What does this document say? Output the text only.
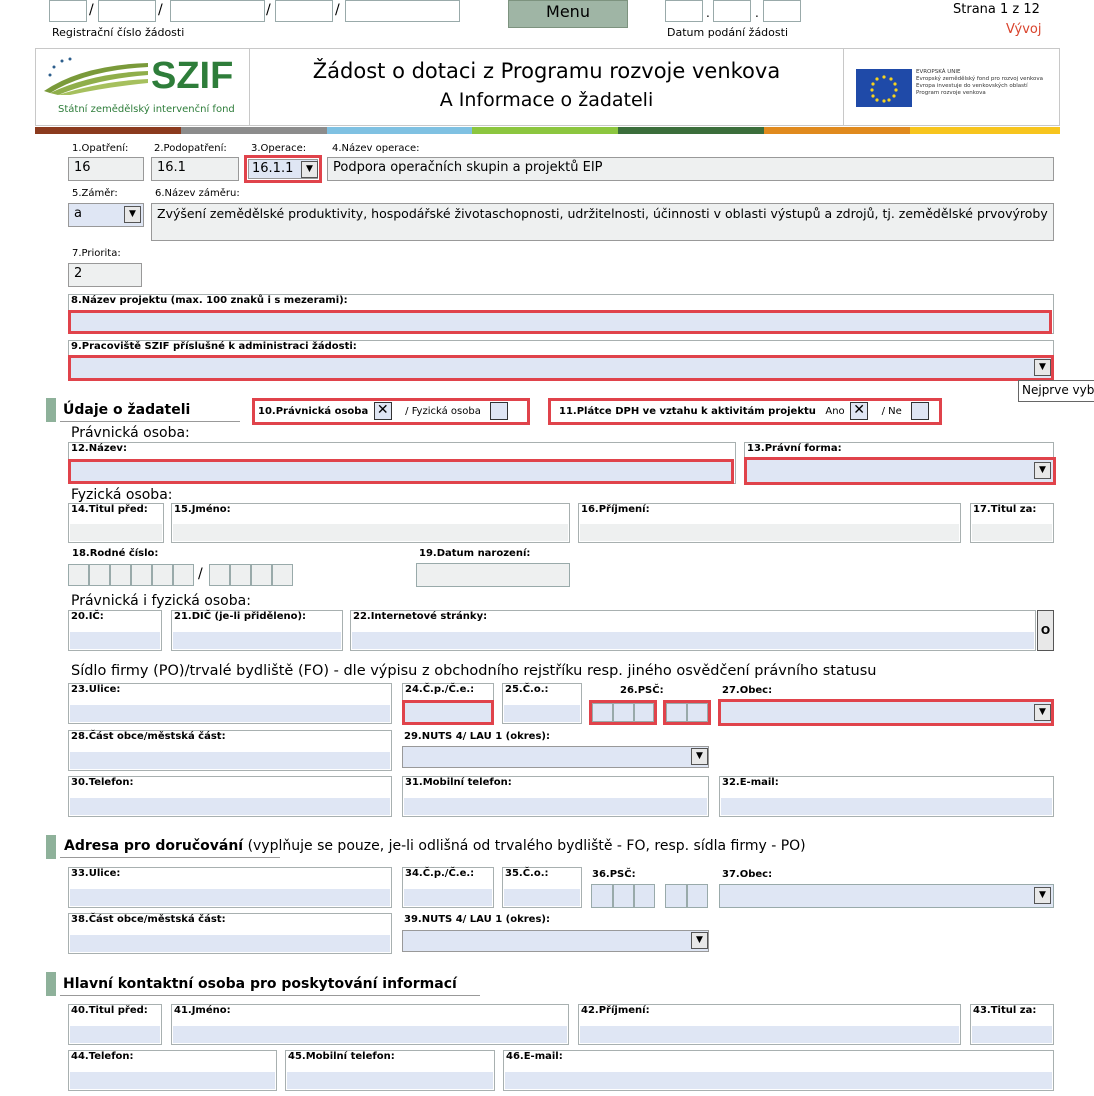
/	/	/	/
Registrační číslo žádosti
Menu	.	.
Datum podání žádosti
Strana 1 z 12
Vývoj
SZIF
Státní zemědělský intervenční fond
Žádost o dotaci z Programu rozvoje venkova
A Informace o žadateli
EVROPSKÁ UNIE
Evropský zemědělský fond pro rozvoj venkova
Evropa investuje do venkovských oblastí
Program rozvoje venkova
1.Opatření:
16
2.Podopatření:
16.1
3.Operace:
16.1.1	▼
4.Název operace:
Podpora operačních skupin a projektů EIP
5.Záměr:
a	▼
6.Název záměru:
Zvýšení zemědělské produktivity, hospodářské životaschopnosti, udržitelnosti, účinnosti v oblasti výstupů a zdrojů, tj. zemědělské prvovýroby
7.Priorita:
2
8.Název projektu (max. 100 znaků i s mezerami):
9.Pracoviště SZIF příslušné k administraci žádosti:
▼
Nejprve vyb
Údaje o žadateli	10.Právnická osoba ✕ / Fyzická osoba	11.Plátce DPH ve vztahu k aktivitám projektu Ano ✕ / Ne
Právnická osoba:
12.Název:	13.Právní forma:
▼
Fyzická osoba:
14.Titul před:	15.Jméno:	16.Příjmení:	17.Titul za:
18.Rodné číslo:
/
19.Datum narození:
Právnická i fyzická osoba:
20.IČ:	21.DIČ (je-li přiděleno):	22.Internetové stránky:
O
Sídlo firmy (PO)/trvalé bydliště (FO) - dle výpisu z obchodního rejstříku resp. jiného osvědčení právního statusu
23.Ulice:	24.Č.p./Č.e.:	25.Č.o.:	26.PSČ:	27.Obec:
▼
28.Část obce/městská část:	29.NUTS 4/ LAU 1 (okres):
▼
30.Telefon:	31.Mobilní telefon:	32.E-mail:
Adresa pro doručování (vyplňuje se pouze, je-li odlišná od trvalého bydliště - FO, resp. sídla firmy - PO)
33.Ulice:	34.Č.p./Č.e.:	35.Č.o.:	36.PSČ:	37.Obec:
▼
38.Část obce/městská část:	39.NUTS 4/ LAU 1 (okres):
▼
Hlavní kontaktní osoba pro poskytování informací
40.Titul před:	41.Jméno:	42.Příjmení:	43.Titul za:
44.Telefon:	45.Mobilní telefon:	46.E-mail:
